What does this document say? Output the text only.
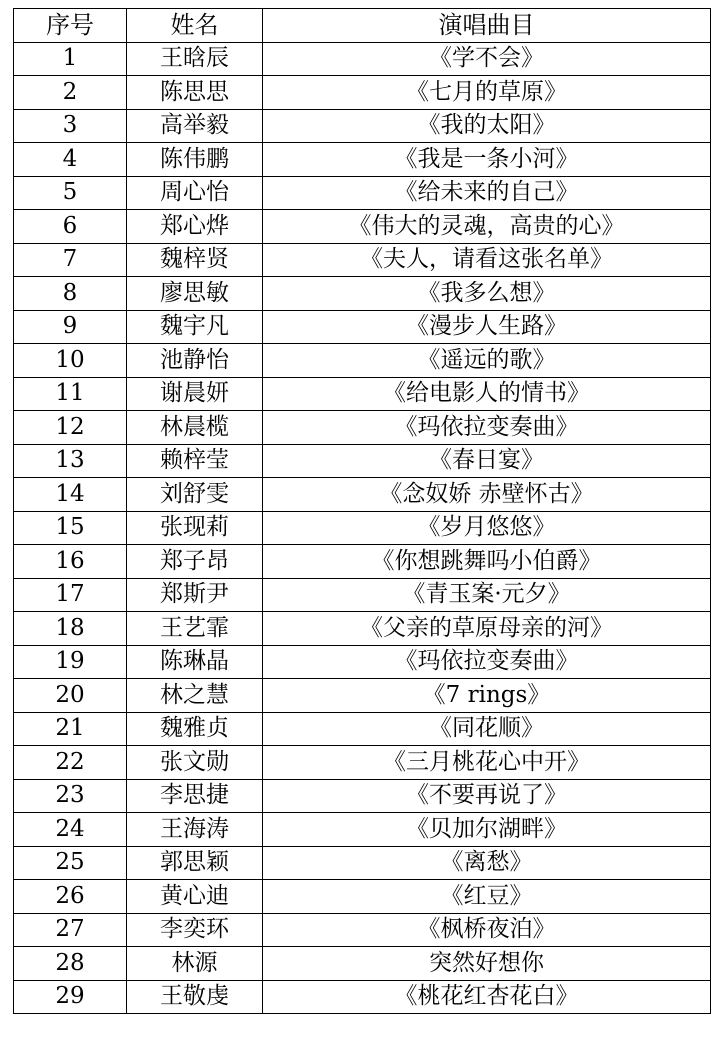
序号	姓名	演唱曲目
1	王晗辰	《学不会》
2	陈思思	《七月的草原》
3	高举毅	《我的太阳》
4	陈伟鹏	《我是一条小河》
5	周心怡	《给未来的自己》
6	郑心烨	《伟大的灵魂，高贵的心》
7	魏梓贤	《夫人，请看这张名单》
8	廖思敏	《我多么想》
9	魏宇凡	《漫步人生路》
10	池静怡	《遥远的歌》
11	谢晨妍	《给电影人的情书》
12	林晨榄	《玛依拉变奏曲》
13	赖梓莹	《春日宴》
14	刘舒雯	《念奴娇 赤壁怀古》
15	张现莉	《岁月悠悠》
16	郑子昂	《你想跳舞吗小伯爵》
17	郑斯尹	《青玉案·元夕》
18	王艺霏	《父亲的草原母亲的河》
19	陈琳晶	《玛依拉变奏曲》
20	林之慧	《7 rings》
21	魏雅贞	《同花顺》
22	张文勋	《三月桃花心中开》
23	李思捷	《不要再说了》
24	王海涛	《贝加尔湖畔》
25	郭思颖	《离愁》
26	黄心迪	《红豆》
27	李奕环	《枫桥夜泊》
28	林源	突然好想你
29	王敬虔	《桃花红杏花白》
